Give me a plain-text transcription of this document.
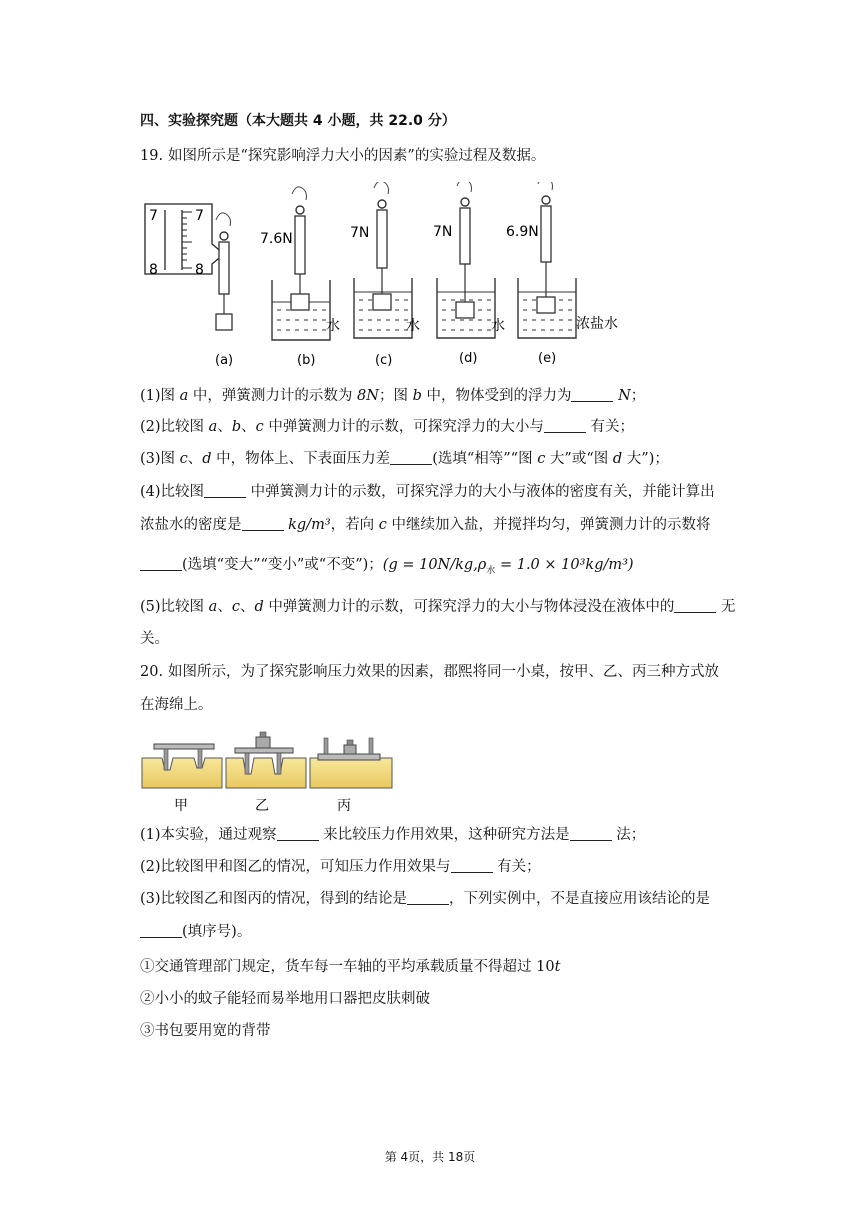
四、实验探究题（本大题共 4 小题，共 22.0 分）
19. 如图所示是“探究影响浮力大小的因素”的实验过程及数据。
7	7
8	8
7.6N	7N	7N	6.9N
水	水	水	浓盐水
(a)	(b)	(c)	(d)	(e)
(1)图 a 中，弹簧测力计的示数为 8N；图 b 中，物体受到的浮力为	N；
(2)比较图 a、b、c 中弹簧测力计的示数，可探究浮力的大小与	有关；
(3)图 c、d 中，物体上、下表面压力差	(选填“相等”“图 c 大”或“图 d 大”)；
(4)比较图	中弹簧测力计的示数，可探究浮力的大小与液体的密度有关，并能计算出
浓盐水的密度是	kg/m³，若向 c 中继续加入盐，并搅拌均匀，弹簧测力计的示数将
(选填“变大”“变小”或“不变”)；$(g = 10N/kg,\rho_水 = 1.0 \times 10^3kg/m^3)$
(5)比较图 a、c、d 中弹簧测力计的示数，可探究浮力的大小与物体浸没在液体中的	无
关。
20. 如图所示，为了探究影响压力效果的因素，郡熙将同一小桌，按甲、乙、丙三种方式放
在海绵上。
甲	乙	丙
(1)本实验，通过观察	来比较压力作用效果，这种研究方法是	法；
(2)比较图甲和图乙的情况，可知压力作用效果与	有关；
(3)比较图乙和图丙的情况，得到的结论是	，下列实例中，不是直接应用该结论的是
(填序号)。
①交通管理部门规定，货车每一车轴的平均承载质量不得超过 10t
②小小的蚊子能轻而易举地用口器把皮肤刺破
③书包要用宽的背带
第 4页，共 18页
